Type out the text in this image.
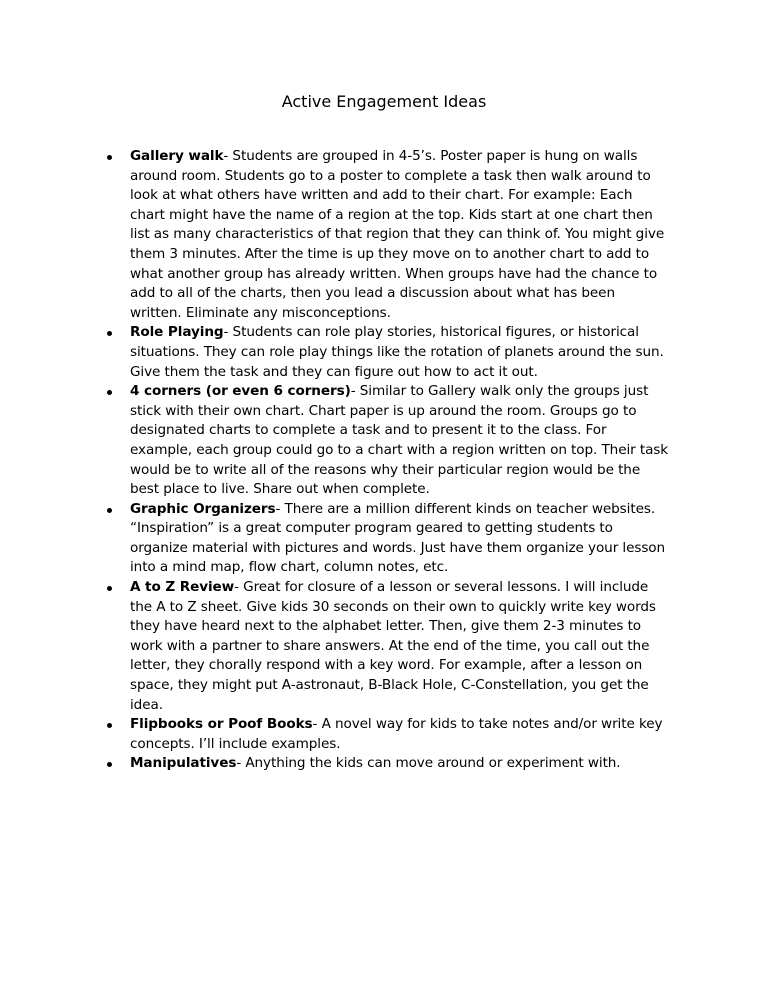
Active Engagement Ideas
Gallery walk- Students are grouped in 4-5’s. Poster paper is hung on walls around room. Students go to a poster to complete a task then walk around to look at what others have written and add to their chart. For example: Each chart might have the name of a region at the top. Kids start at one chart then list as many characteristics of that region that they can think of. You might give them 3 minutes. After the time is up they move on to another chart to add to what another group has already written. When groups have had the chance to add to all of the charts, then you lead a discussion about what has been written. Eliminate any misconceptions.
Role Playing- Students can role play stories, historical figures, or historical situations. They can role play things like the rotation of planets around the sun. Give them the task and they can figure out how to act it out.
4 corners (or even 6 corners)- Similar to Gallery walk only the groups just stick with their own chart. Chart paper is up around the room. Groups go to designated charts to complete a task and to present it to the class. For example, each group could go to a chart with a region written on top. Their task would be to write all of the reasons why their particular region would be the best place to live. Share out when complete.
Graphic Organizers- There are a million different kinds on teacher websites. “Inspiration” is a great computer program geared to getting students to organize material with pictures and words. Just have them organize your lesson into a mind map, flow chart, column notes, etc.
A to Z Review- Great for closure of a lesson or several lessons. I will include the A to Z sheet. Give kids 30 seconds on their own to quickly write key words they have heard next to the alphabet letter. Then, give them 2-3 minutes to work with a partner to share answers. At the end of the time, you call out the letter, they chorally respond with a key word. For example, after a lesson on space, they might put A-astronaut, B-Black Hole, C-Constellation, you get the idea.
Flipbooks or Poof Books- A novel way for kids to take notes and/or write key concepts. I’ll include examples.
Manipulatives- Anything the kids can move around or experiment with.
